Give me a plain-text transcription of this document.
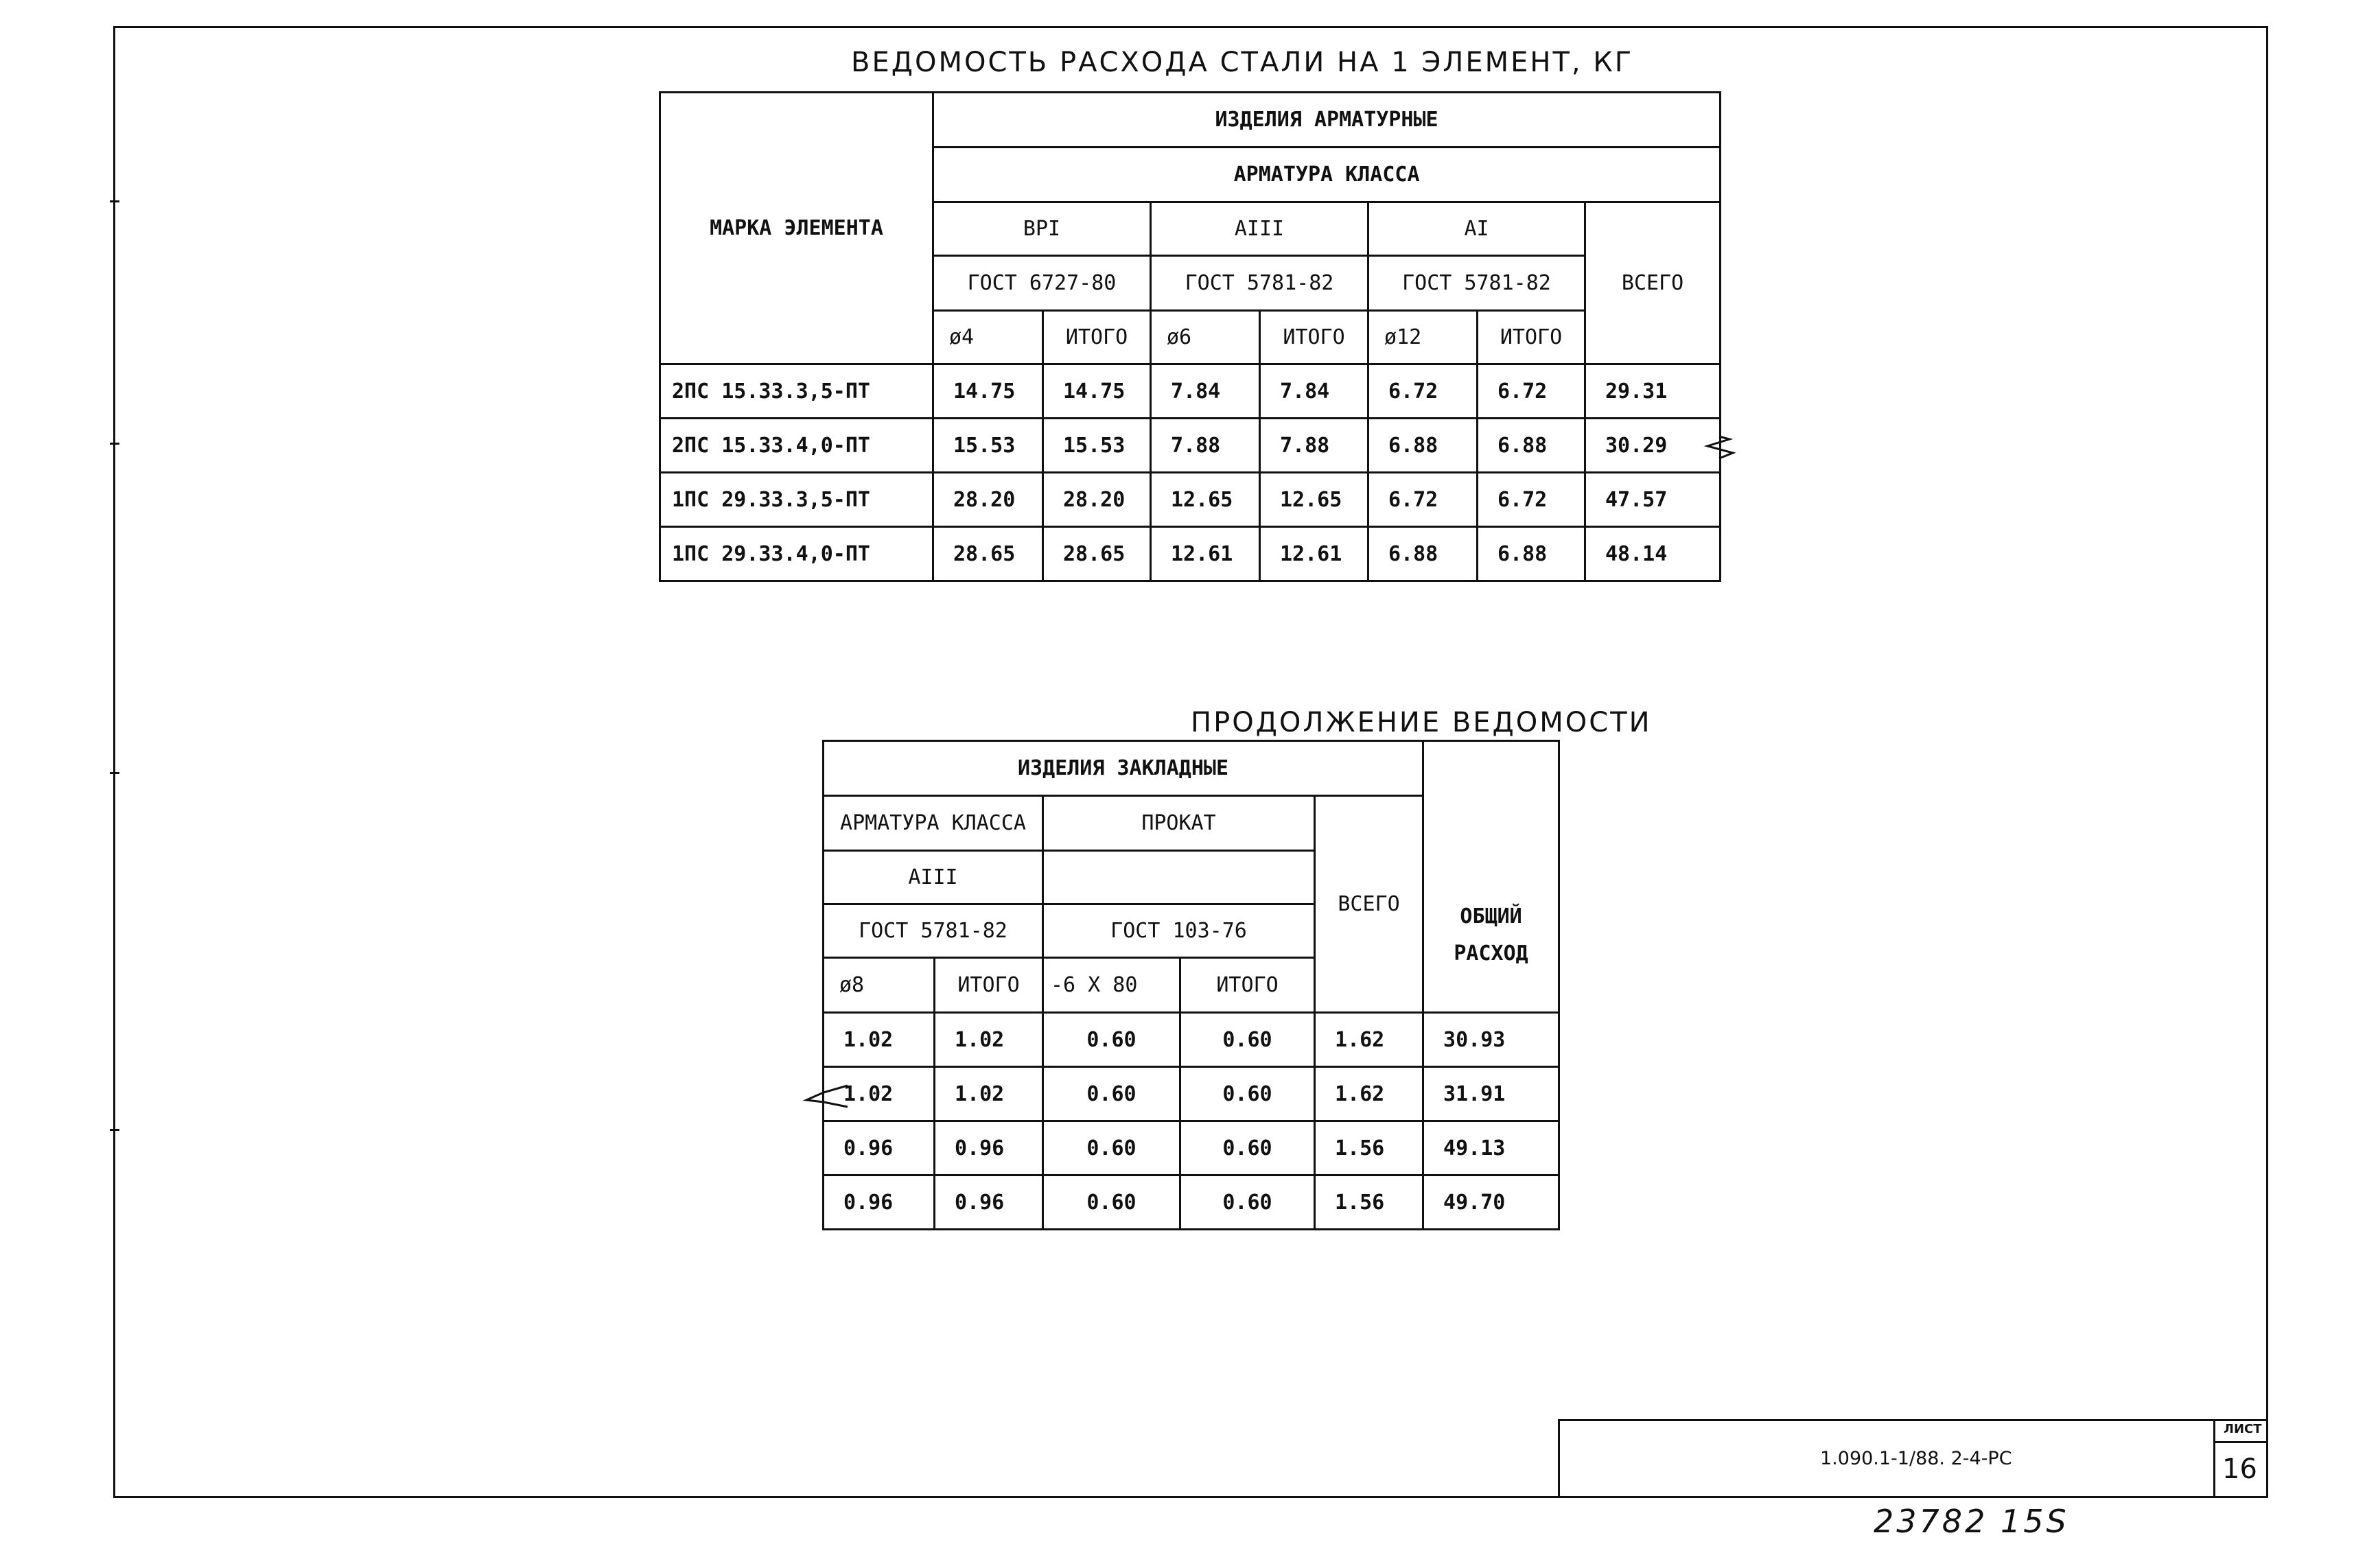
ВЕДОМОСТЬ РАСХОДА СТАЛИ НА 1 ЭЛЕМЕНТ, КГ
МАРКА ЭЛЕМЕНТА	ИЗДЕЛИЯ АРМАТУРНЫЕ						
	АРМАТУРА КЛАССА						
	ВРI		AIII		AI		ВСЕГО
	ГОСТ 6727-80		ГОСТ 5781-82		ГОСТ 5781-82		
	ø4	ИТОГО	ø6	ИТОГО	ø12	ИТОГО	
2ПС 15.33.3,5-ПТ	14.75	14.75	7.84	7.84	6.72	6.72	29.31
2ПС 15.33.4,0-ПТ	15.53	15.53	7.88	7.88	6.88	6.88	30.29
1ПС 29.33.3,5-ПТ	28.20	28.20	12.65	12.65	6.72	6.72	47.57
1ПС 29.33.4,0-ПТ	28.65	28.65	12.61	12.61	6.88	6.88	48.14
ПРОДОЛЖЕНИЕ ВЕДОМОСТИ
ИЗДЕЛИЯ ЗАКЛАДНЫЕ					ОБЩИЙ
РАСХОД

АРМАТУРА КЛАССА		ПРОКАТ		ВСЕГО	
AIII					
ГОСТ 5781-82		ГОСТ 103-76			
ø8	ИТОГО	-6 X 80	ИТОГО		
1.02	1.02	0.60	0.60	1.62	30.93
1.02	1.02	0.60	0.60	1.62	31.91
0.96	0.96	0.60	0.60	1.56	49.13
0.96	0.96	0.60	0.60	1.56	49.70
1.090.1-1/88. 2-4-РС
ЛИСТ
16
23782 15S
